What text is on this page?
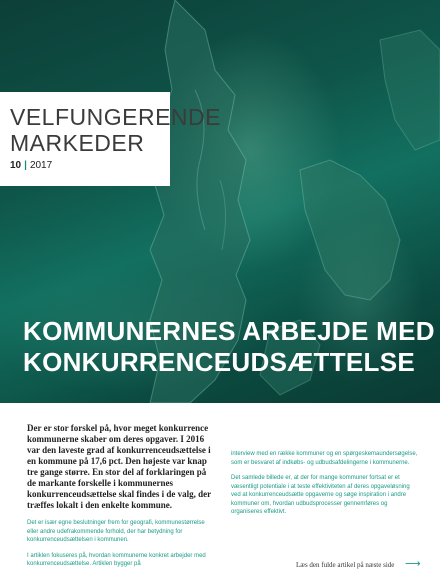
VELFUNGERENDE
MARKEDER
10 | 2017
KOMMUNERNES ARBEJDE MED
KONKURRENCEUDSÆTTELSE

Der er stor forskel på, hvor meget konkurrence kommunerne skaber om deres opgaver. I 2016 var den laveste grad af konkurrenceudsættelse i en kommune på 17,6 pct. Den højeste var knap tre gange større. En stor del af forklaringen på de markante forskelle i kommunernes konkurrenceudsættelse skal findes i de valg, der træffes lokalt i den enkelte kommune.

Det er især egne beslutninger frem for geografi, kommunestørrelse eller andre udefrakommende forhold, der har betydning for konkurrenceudsættelsen i kommunen.

I artiklen fokuseres på, hvordan kommunerne konkret arbejder med konkurrenceudsættelse. Artiklen bygger på

interview med en række kommuner og en spørgeskemaundersøgelse, som er besvaret af indkøbs- og udbudsafdelingerne i kommunerne.

Det samlede billede er, at der for mange kommuner fortsat er et væsentligt potentiale i at teste effektiviteten af deres opgaveløsning ved at konkurrenceudsætte opgaverne og søge inspiration i andre kommuner om, hvordan udbudsprocesser gennemføres og organiseres effektivt.

Læs den fulde artikel på næste side ⟶
